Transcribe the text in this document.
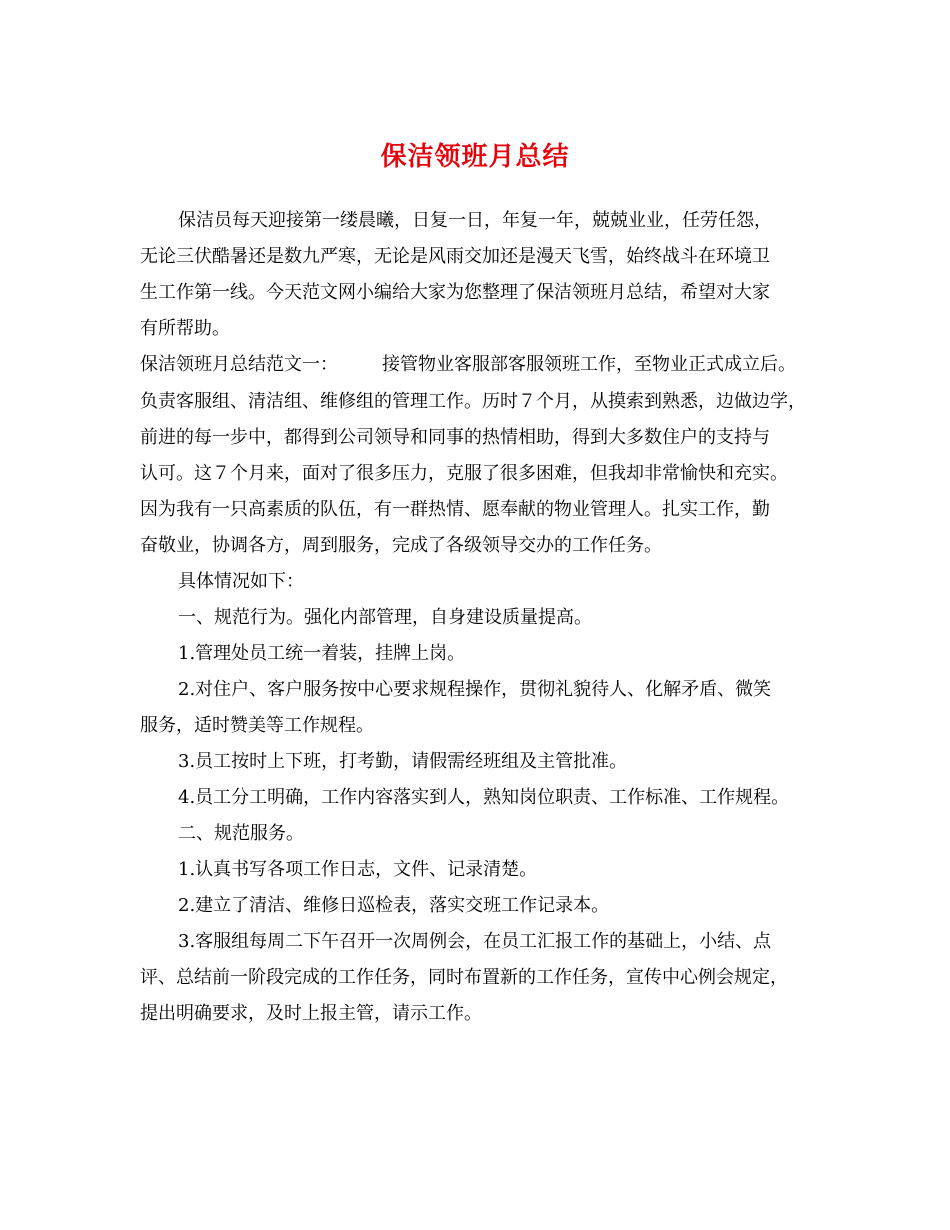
保洁领班月总结
保洁员每天迎接第一缕晨曦，日复一日，年复一年，兢兢业业，任劳任怨，
无论三伏酷暑还是数九严寒，无论是风雨交加还是漫天飞雪，始终战斗在环境卫
生工作第一线。今天范文网小编给大家为您整理了保洁领班月总结，希望对大家
有所帮助。
保洁领班月总结范文一： 接管物业客服部客服领班工作，至物业正式成立后。
负责客服组、清洁组、维修组的管理工作。历时７个月，从摸索到熟悉，边做边学，
前进的每一步中，都得到公司领导和同事的热情相助，得到大多数住户的支持与
认可。这７个月来，面对了很多压力，克服了很多困难，但我却非常愉快和充实。
因为我有一只高素质的队伍，有一群热情、愿奉献的物业管理人。扎实工作，勤
奋敬业，协调各方，周到服务，完成了各级领导交办的工作任务。
具体情况如下：
一、规范行为。强化内部管理，自身建设质量提高。
1.管理处员工统一着装，挂牌上岗。
2.对住户、客户服务按中心要求规程操作，贯彻礼貌待人、化解矛盾、微笑
服务，适时赞美等工作规程。
3.员工按时上下班，打考勤，请假需经班组及主管批准。
4.员工分工明确，工作内容落实到人，熟知岗位职责、工作标准、工作规程。
二、规范服务。
1.认真书写各项工作日志，文件、记录清楚。
2.建立了清洁、维修日巡检表，落实交班工作记录本。
3.客服组每周二下午召开一次周例会，在员工汇报工作的基础上，小结、点
评、总结前一阶段完成的工作任务，同时布置新的工作任务，宣传中心例会规定，
提出明确要求，及时上报主管，请示工作。
